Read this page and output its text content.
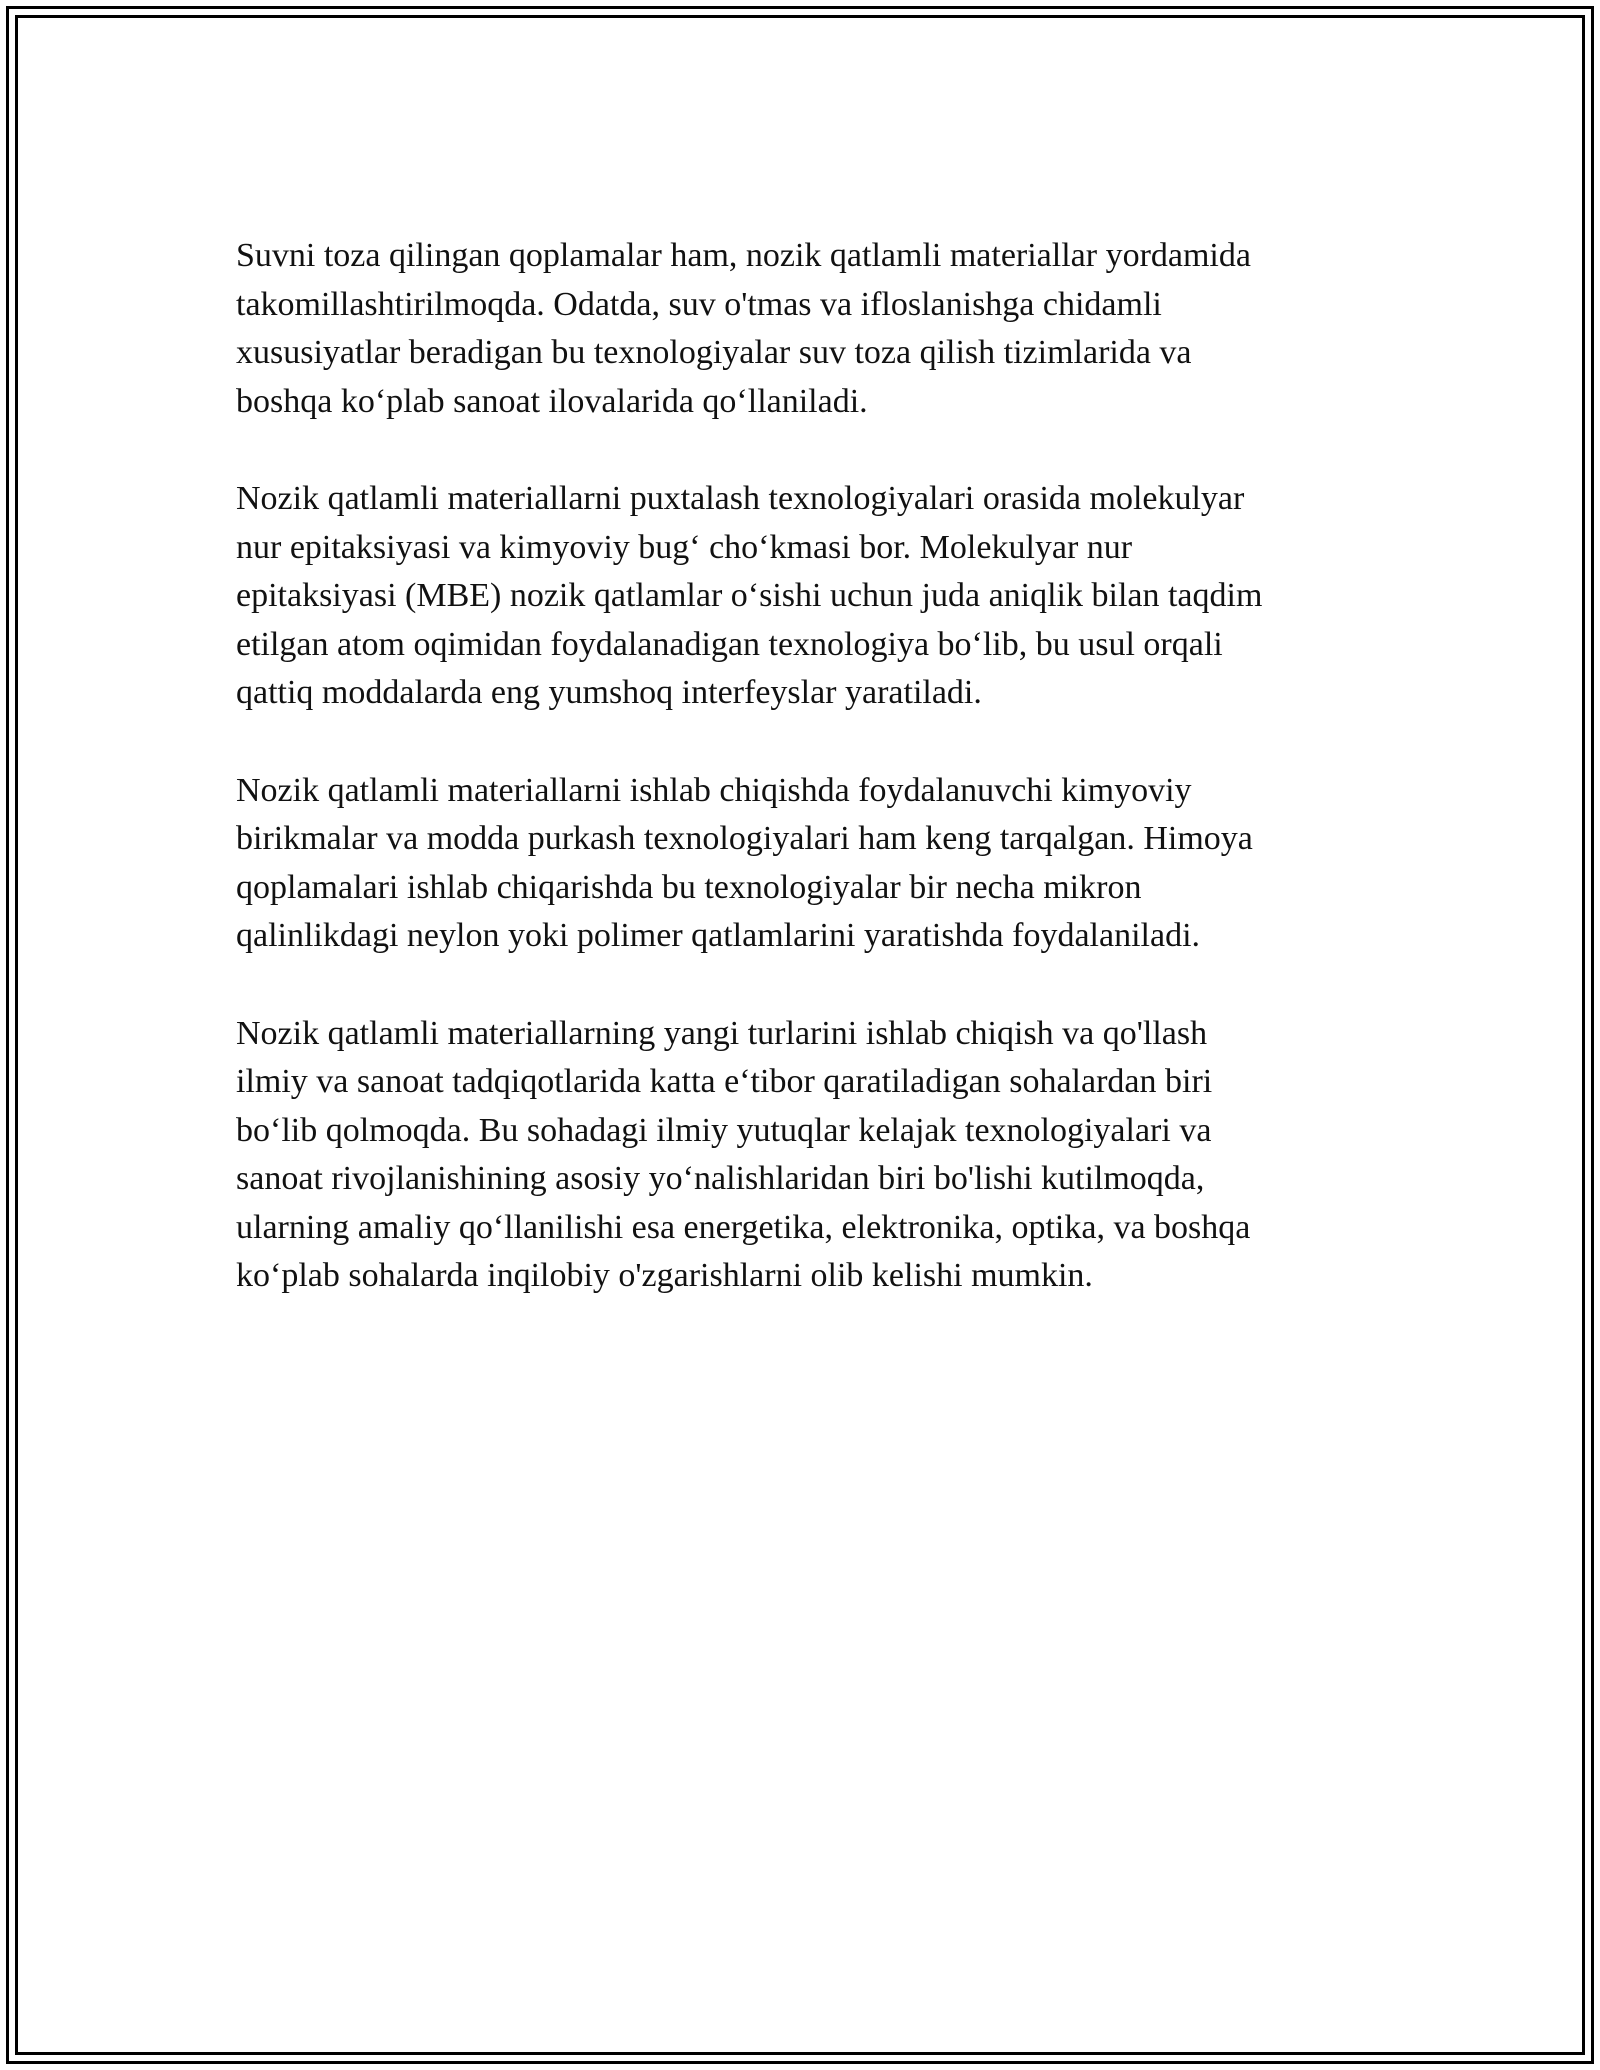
Suvni toza qilingan qoplamalar ham, nozik qatlamli materiallar yordamida
takomillashtirilmoqda. Odatda, suv o'tmas va ifloslanishga chidamli
xususiyatlar beradigan bu texnologiyalar suv toza qilish tizimlarida va
boshqa ko‘plab sanoat ilovalarida qo‘llaniladi.

Nozik qatlamli materiallarni puxtalash texnologiyalari orasida molekulyar
nur epitaksiyasi va kimyoviy bug‘ cho‘kmasi bor. Molekulyar nur
epitaksiyasi (MBE) nozik qatlamlar o‘sishi uchun juda aniqlik bilan taqdim
etilgan atom oqimidan foydalanadigan texnologiya bo‘lib, bu usul orqali
qattiq moddalarda eng yumshoq interfeyslar yaratiladi.

Nozik qatlamli materiallarni ishlab chiqishda foydalanuvchi kimyoviy
birikmalar va modda purkash texnologiyalari ham keng tarqalgan. Himoya
qoplamalari ishlab chiqarishda bu texnologiyalar bir necha mikron
qalinlikdagi neylon yoki polimer qatlamlarini yaratishda foydalaniladi.

Nozik qatlamli materiallarning yangi turlarini ishlab chiqish va qo'llash
ilmiy va sanoat tadqiqotlarida katta e‘tibor qaratiladigan sohalardan biri
bo‘lib qolmoqda. Bu sohadagi ilmiy yutuqlar kelajak texnologiyalari va
sanoat rivojlanishining asosiy yo‘nalishlaridan biri bo'lishi kutilmoqda,
ularning amaliy qo‘llanilishi esa energetika, elektronika, optika, va boshqa
ko‘plab sohalarda inqilobiy o'zgarishlarni olib kelishi mumkin.
